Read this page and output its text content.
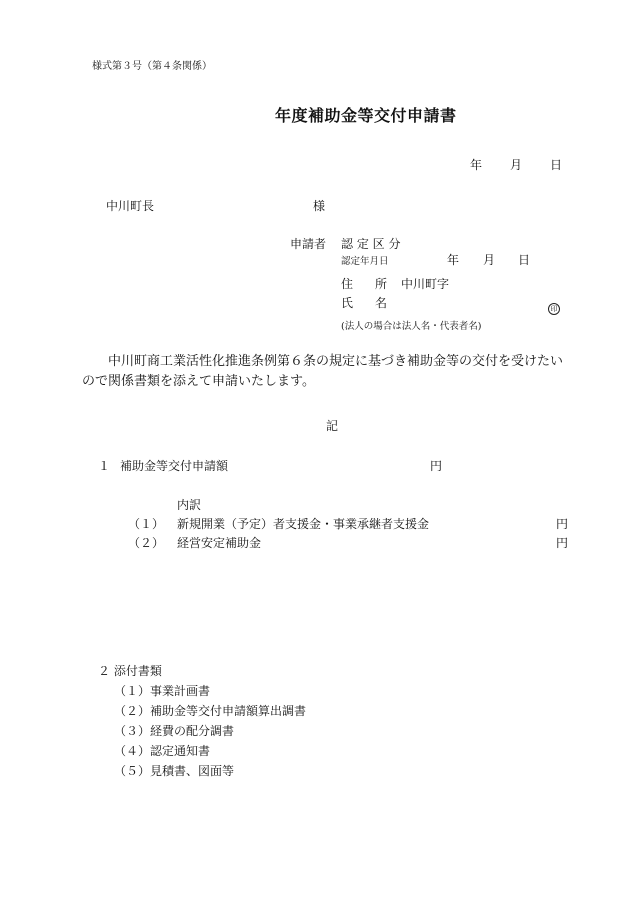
様式第３号（第４条関係）
年度補助金等交付申請書
年 月 日
中川町長	様
申請者 認 定 区 分
認定年月日	年 月 日
住 所 中川町字
氏 名	印
(法人の場合は法人名・代表者名)
中川町商工業活性化推進条例第６条の規定に基づき補助金等の交付を受けたいので関係書類を添えて申請いたします。
記
１ 補助金等交付申請額	円
内訳
（１） 新規開業（予定）者支援金・事業承継者支援金	円
（２） 経営安定補助金	円
２ 添付書類
（１）事業計画書
（２）補助金等交付申請額算出調書
（３）経費の配分調書
（４）認定通知書
（５）見積書、図面等
